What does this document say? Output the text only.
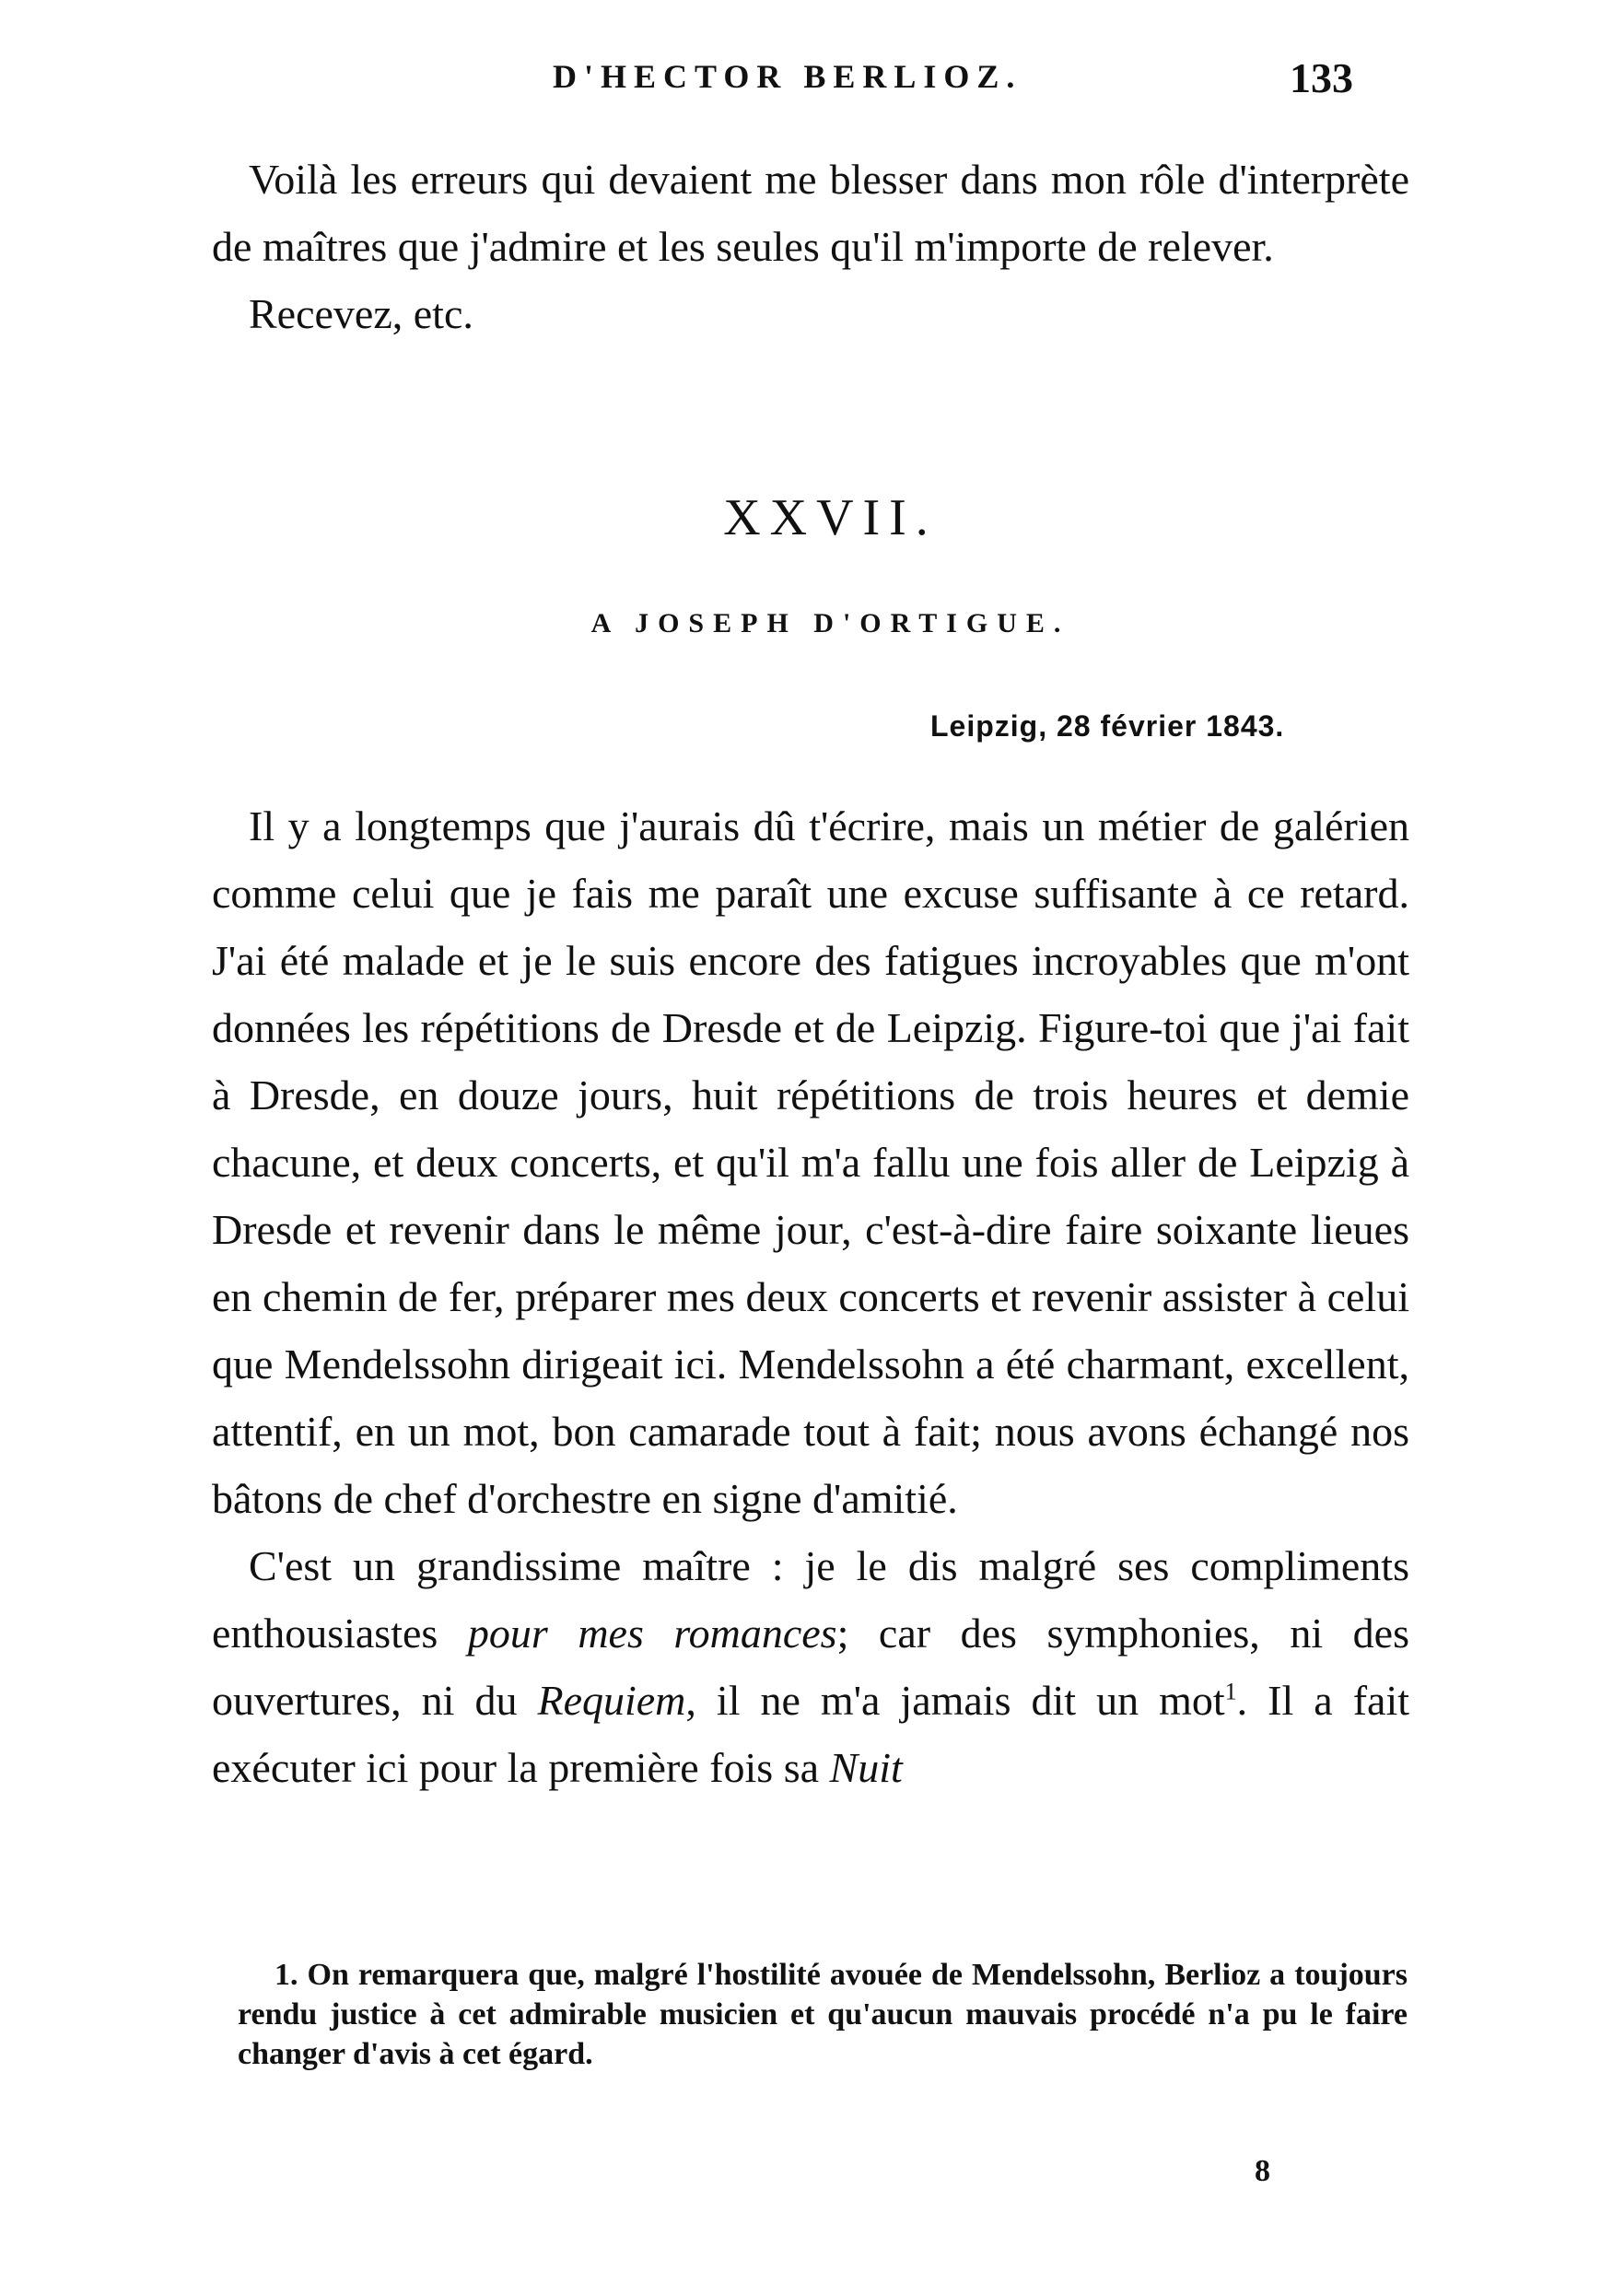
D'HECTOR BERLIOZ.	133

Voilà les erreurs qui devaient me blesser dans mon rôle d'interprète de maîtres que j'admire et les seules qu'il m'importe de relever.

Recevez, etc.

XXVII.
A JOSEPH D'ORTIGUE.
Leipzig, 28 février 1843.

Il y a longtemps que j'aurais dû t'écrire, mais un métier de galérien comme celui que je fais me paraît une excuse suffisante à ce retard. J'ai été malade et je le suis encore des fatigues incroyables que m'ont données les répétitions de Dresde et de Leipzig. Figure-toi que j'ai fait à Dresde, en douze jours, huit répétitions de trois heures et demie chacune, et deux concerts, et qu'il m'a fallu une fois aller de Leipzig à Dresde et revenir dans le même jour, c'est-à-dire faire soixante lieues en chemin de fer, préparer mes deux concerts et revenir assister à celui que Mendelssohn dirigeait ici. Mendelssohn a été charmant, excellent, attentif, en un mot, bon camarade tout à fait; nous avons échangé nos bâtons de chef d'orchestre en signe d'amitié.

C'est un grandissime maître : je le dis malgré ses compliments enthousiastes pour mes romances; car des symphonies, ni des ouvertures, ni du Requiem, il ne m'a jamais dit un mot$^1$. Il a fait exécuter ici pour la première fois sa Nuit

1. On remarquera que, malgré l'hostilité avouée de Mendelssohn, Berlioz a toujours rendu justice à cet admirable musicien et qu'aucun mauvais procédé n'a pu le faire changer d'avis à cet égard.

8
